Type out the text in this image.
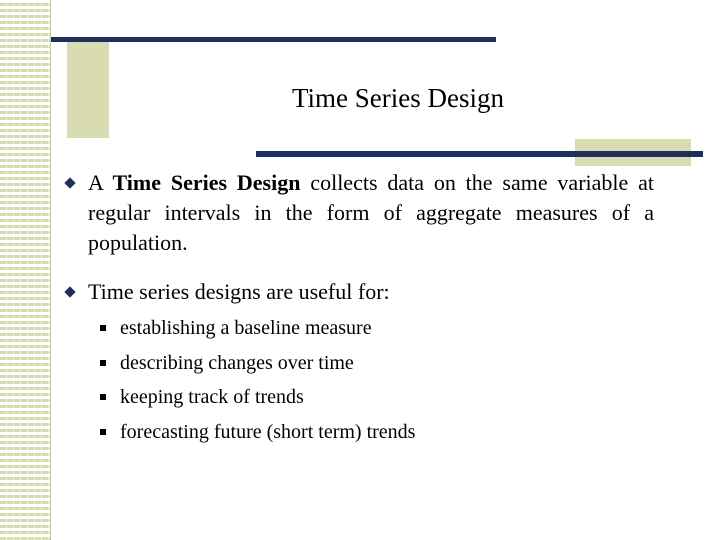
Time Series Design
A Time Series Design collects data on the same variable at regular intervals in the form of aggregate measures of a population.
Time series designs are useful for:
establishing a baseline measure
describing changes over time
keeping track of trends
forecasting future (short term) trends
